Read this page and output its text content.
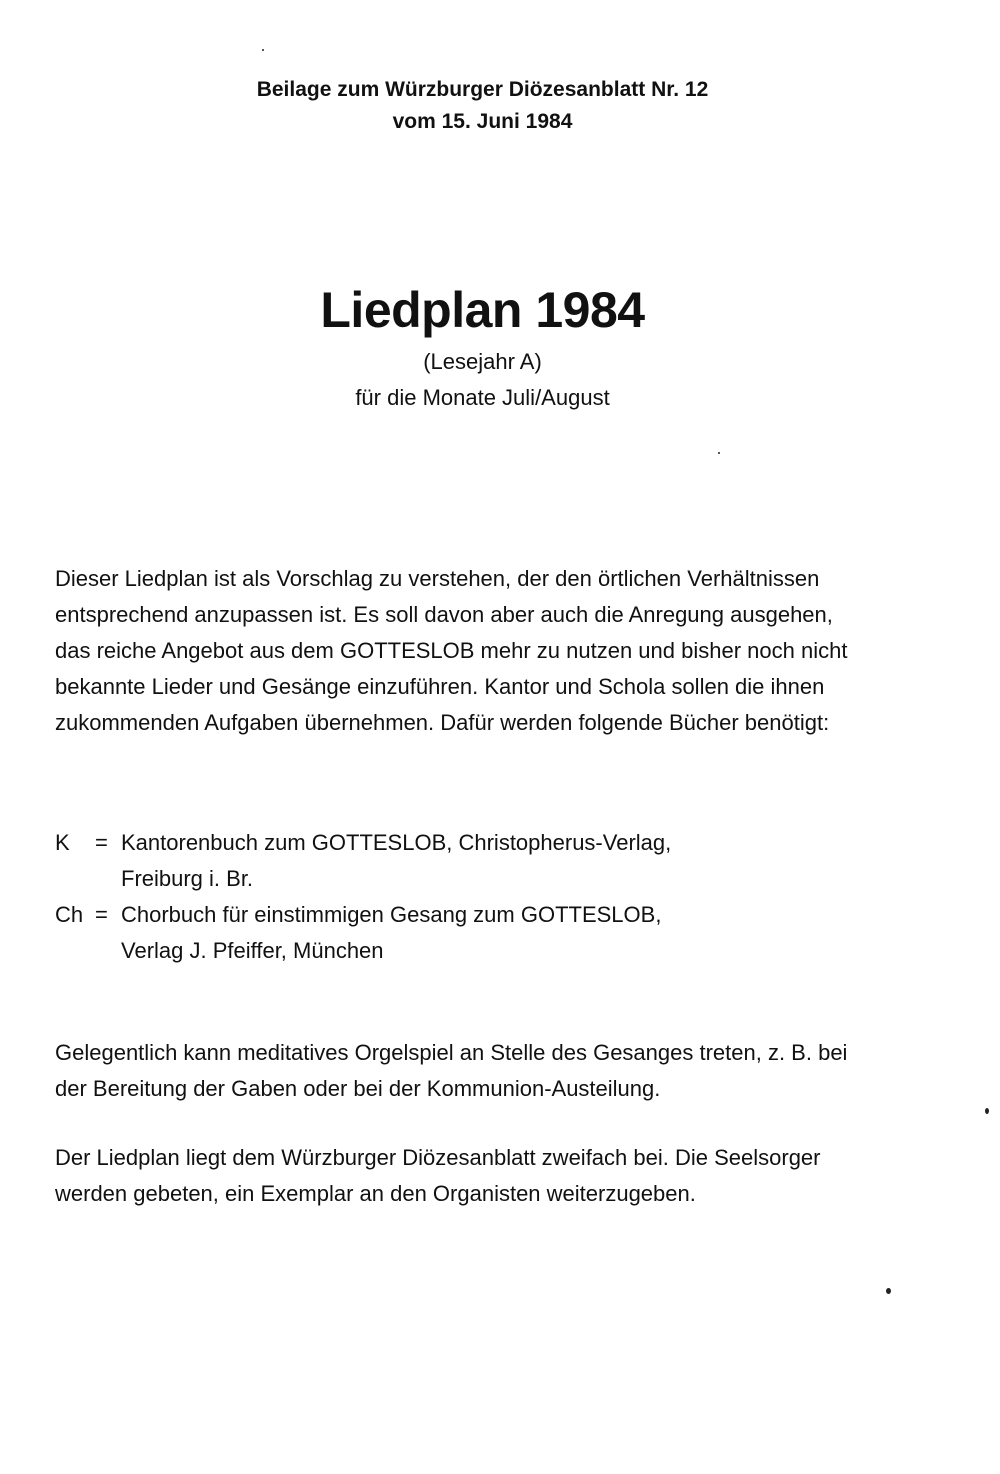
Beilage zum Würzburger Diözesanblatt Nr. 12
vom 15. Juni 1984
Liedplan 1984
(Lesejahr A)
für die Monate Juli/August
Dieser Liedplan ist als Vorschlag zu verstehen, der den örtlichen Verhältnissen
entsprechend anzupassen ist. Es soll davon aber auch die Anregung ausgehen,
das reiche Angebot aus dem GOTTESLOB mehr zu nutzen und bisher noch nicht
bekannte Lieder und Gesänge einzuführen. Kantor und Schola sollen die ihnen
zukommenden Aufgaben übernehmen. Dafür werden folgende Bücher benötigt:
K	= Kantorenbuch zum GOTTESLOB, Christopherus-Verlag,
Freiburg i. Br.
Ch = Chorbuch für einstimmigen Gesang zum GOTTESLOB,
Verlag J. Pfeiffer, München
Gelegentlich kann meditatives Orgelspiel an Stelle des Gesanges treten, z. B. bei
der Bereitung der Gaben oder bei der Kommunion-Austeilung.
Der Liedplan liegt dem Würzburger Diözesanblatt zweifach bei. Die Seelsorger
werden gebeten, ein Exemplar an den Organisten weiterzugeben.
